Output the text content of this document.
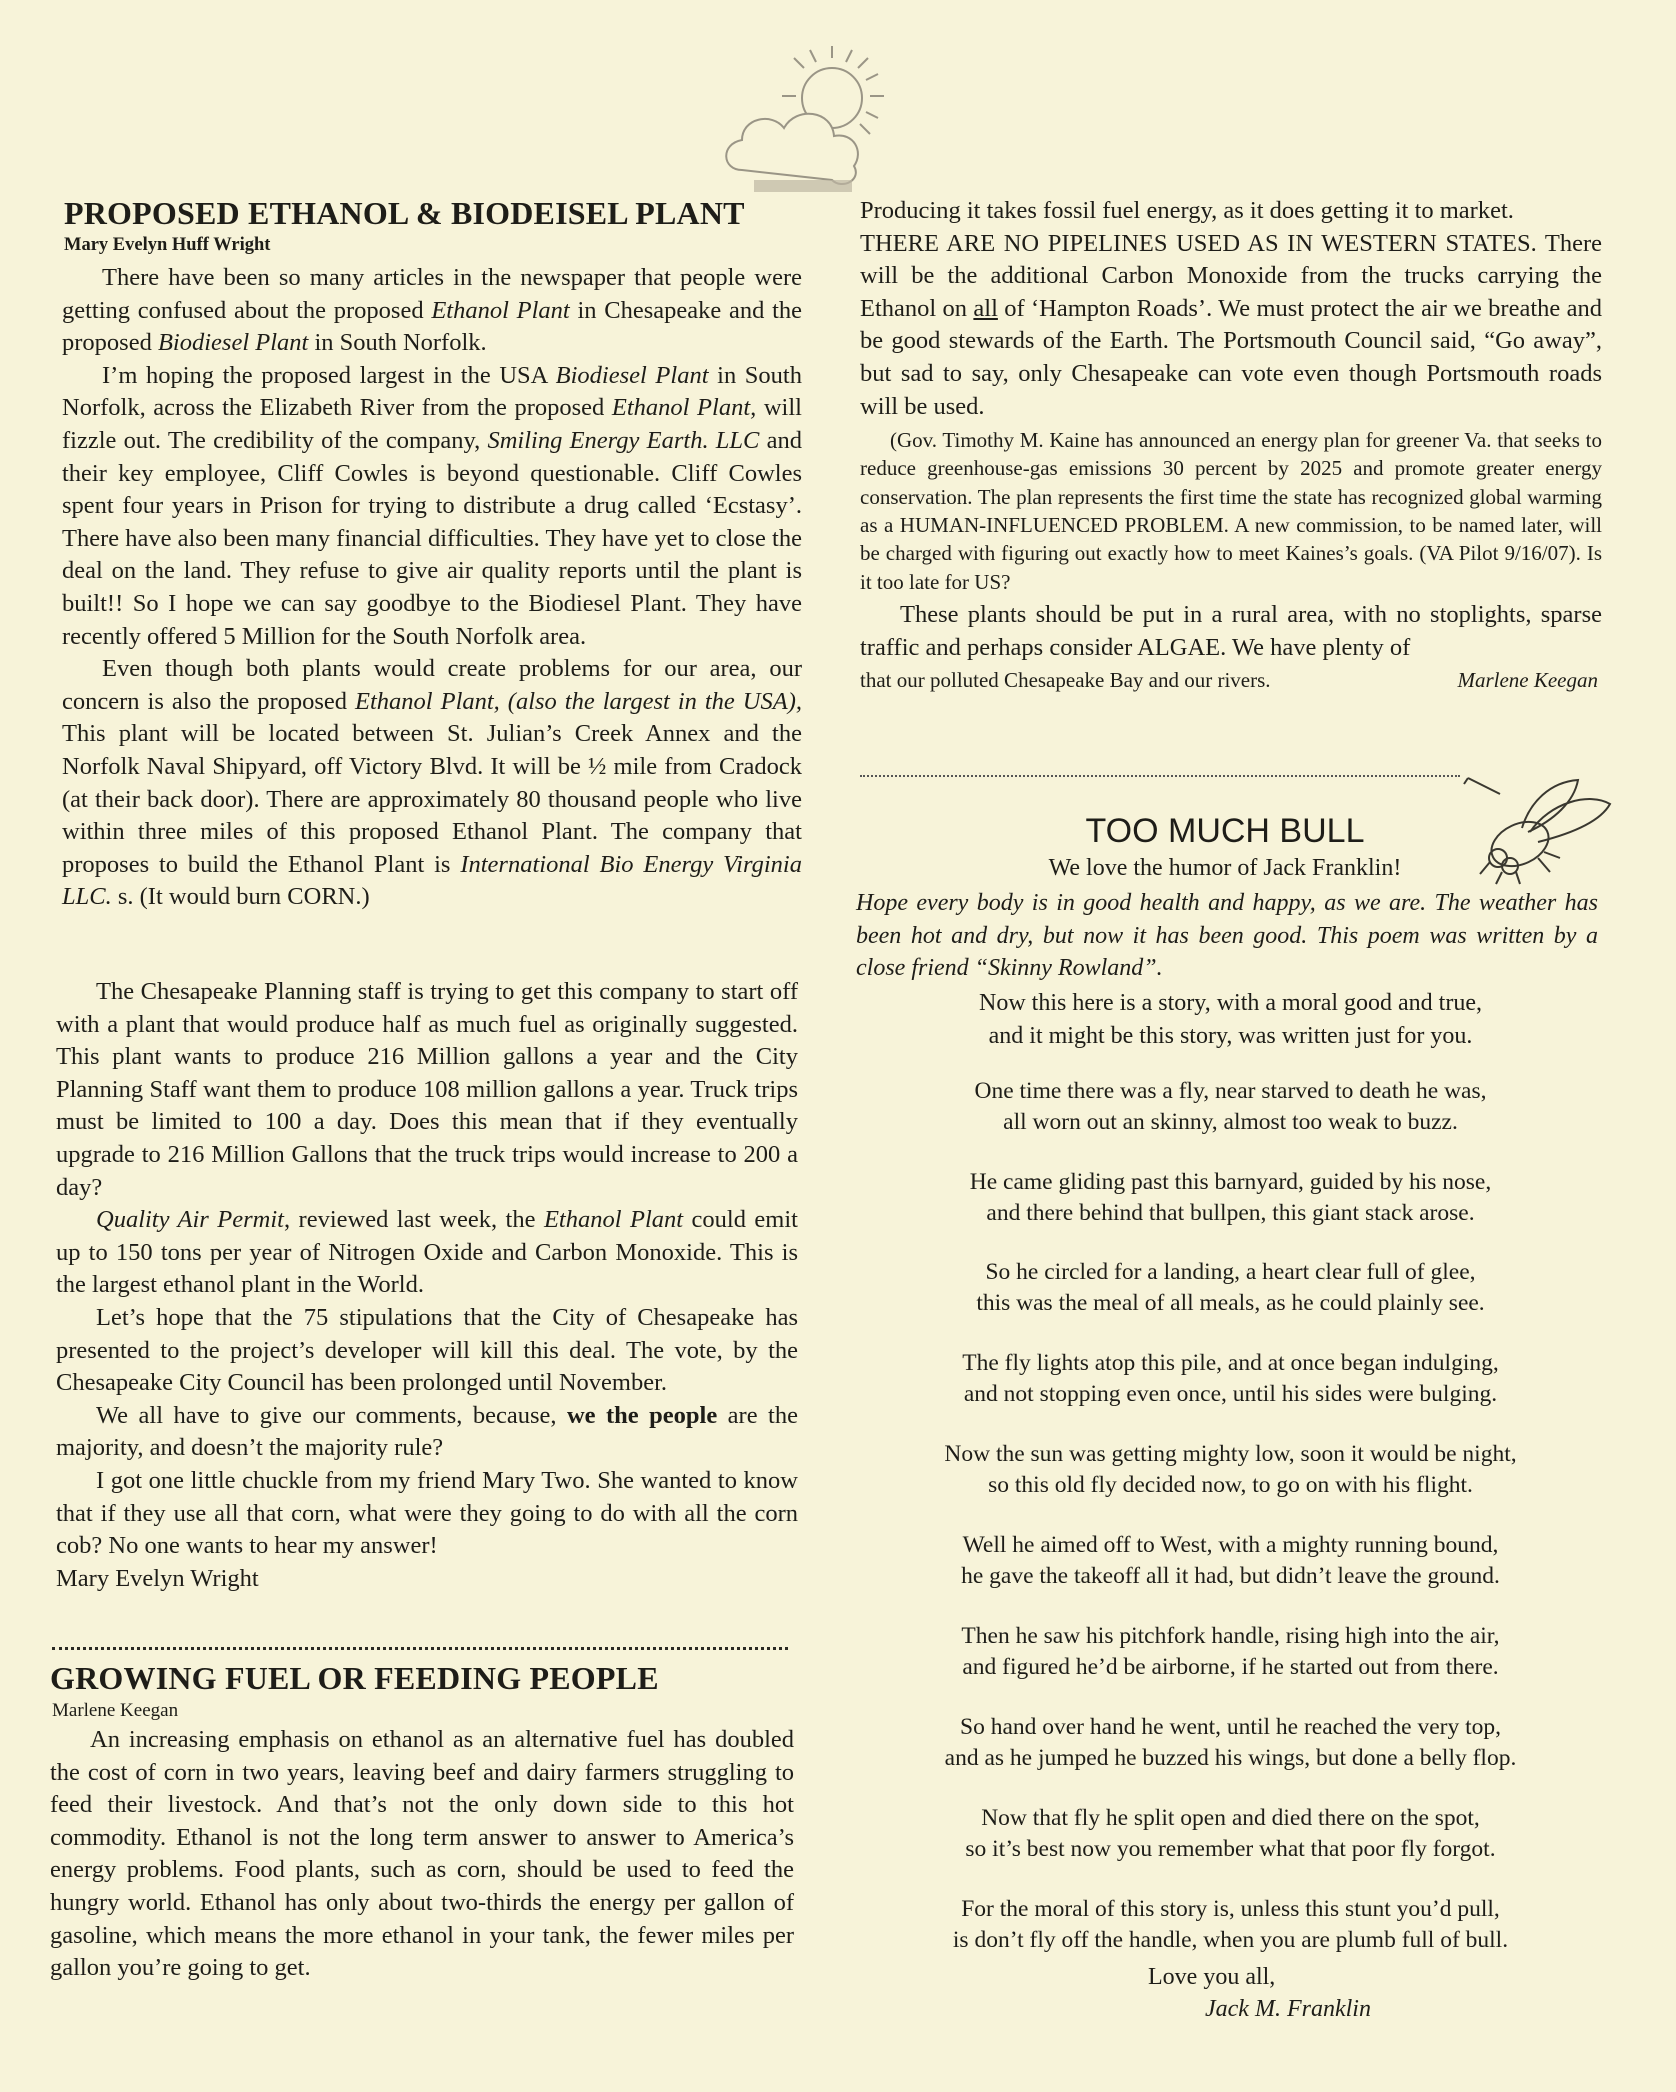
PROPOSED ETHANOL & BIODEISEL PLANT
Mary Evelyn Huff Wright

There have been so many articles in the newspaper that people were getting confused about the proposed Ethanol Plant in Chesapeake and the proposed Biodiesel Plant in South Norfolk.

I’m hoping the proposed largest in the USA Biodiesel Plant in South Norfolk, across the Elizabeth River from the proposed Ethanol Plant, will fizzle out. The credibility of the company, Smiling Energy Earth. LLC and their key employee, Cliff Cowles is beyond questionable. Cliff Cowles spent four years in Prison for trying to distribute a drug called ‘Ecstasy’. There have also been many financial difficulties. They have yet to close the deal on the land. They refuse to give air quality reports until the plant is built!! So I hope we can say goodbye to the Biodiesel Plant. They have recently offered 5 Million for the South Norfolk area.

Even though both plants would create problems for our area, our concern is also the proposed Ethanol Plant, (also the largest in the USA), This plant will be located between St. Julian’s Creek Annex and the Norfolk Naval Shipyard, off Victory Blvd. It will be ½ mile from Cradock (at their back door). There are approximately 80 thousand people who live within three miles of this proposed Ethanol Plant. The company that proposes to build the Ethanol Plant is International Bio Energy Virginia LLC. s. (It would burn CORN.)

The Chesapeake Planning staff is trying to get this company to start off with a plant that would produce half as much fuel as originally suggested. This plant wants to produce 216 Million gallons a year and the City Planning Staff want them to produce 108 million gallons a year. Truck trips must be limited to 100 a day. Does this mean that if they eventually upgrade to 216 Million Gallons that the truck trips would increase to 200 a day?

Quality Air Permit, reviewed last week, the Ethanol Plant could emit up to 150 tons per year of Nitrogen Oxide and Carbon Monoxide. This is the largest ethanol plant in the World.

Let’s hope that the 75 stipulations that the City of Chesapeake has presented to the project’s developer will kill this deal. The vote, by the Chesapeake City Council has been prolonged until November.

We all have to give our comments, because, we the people are the majority, and doesn’t the majority rule?

I got one little chuckle from my friend Mary Two. She wanted to know that if they use all that corn, what were they going to do with all the corn cob? No one wants to hear my answer!

Mary Evelyn Wright

GROWING FUEL OR FEEDING PEOPLE
Marlene Keegan

An increasing emphasis on ethanol as an alternative fuel has doubled the cost of corn in two years, leaving beef and dairy farmers struggling to feed their livestock. And that’s not the only down side to this hot commodity. Ethanol is not the long term answer to answer to America’s energy problems. Food plants, such as corn, should be used to feed the hungry world. Ethanol has only about two-thirds the energy per gallon of gasoline, which means the more ethanol in your tank, the fewer miles per gallon you’re going to get.

Producing it takes fossil fuel energy, as it does getting it to market.

THERE ARE NO PIPELINES USED AS IN WESTERN STATES. There will be the additional Carbon Monoxide from the trucks carrying the Ethanol on all of ‘Hampton Roads’. We must protect the air we breathe and be good stewards of the Earth. The Portsmouth Council said, “Go away”, but sad to say, only Chesapeake can vote even though Portsmouth roads will be used.

(Gov. Timothy M. Kaine has announced an energy plan for greener Va. that seeks to reduce greenhouse-gas emissions 30 percent by 2025 and promote greater energy conservation. The plan represents the first time the state has recognized global warming as a HUMAN-INFLUENCED PROBLEM. A new commission, to be named later, will be charged with figuring out exactly how to meet Kaines’s goals. (VA Pilot 9/16/07). Is it too late for US?

These plants should be put in a rural area, with no stoplights, sparse traffic and perhaps consider ALGAE. We have plenty of

that our polluted Chesapeake Bay and our rivers.	Marlene Keegan
TOO MUCH BULL
We love the humor of Jack Franklin!

Hope every body is in good health and happy, as we are. The weather has been hot and dry, but now it has been good. This poem was written by a close friend “Skinny Rowland”.

Now this here is a story, with a moral good and true,
and it might be this story, was written just for you.
One time there was a fly, near starved to death he was,
all worn out an skinny, almost too weak to buzz.
He came gliding past this barnyard, guided by his nose,
and there behind that bullpen, this giant stack arose.
So he circled for a landing, a heart clear full of glee,
this was the meal of all meals, as he could plainly see.
The fly lights atop this pile, and at once began indulging,
and not stopping even once, until his sides were bulging.
Now the sun was getting mighty low, soon it would be night,
so this old fly decided now, to go on with his flight.
Well he aimed off to West, with a mighty running bound,
he gave the takeoff all it had, but didn’t leave the ground.
Then he saw his pitchfork handle, rising high into the air,
and figured he’d be airborne, if he started out from there.
So hand over hand he went, until he reached the very top,
and as he jumped he buzzed his wings, but done a belly flop.
Now that fly he split open and died there on the spot,
so it’s best now you remember what that poor fly forgot.
For the moral of this story is, unless this stunt you’d pull,
is don’t fly off the handle, when you are plumb full of bull.
Love you all,
Jack M. Franklin
